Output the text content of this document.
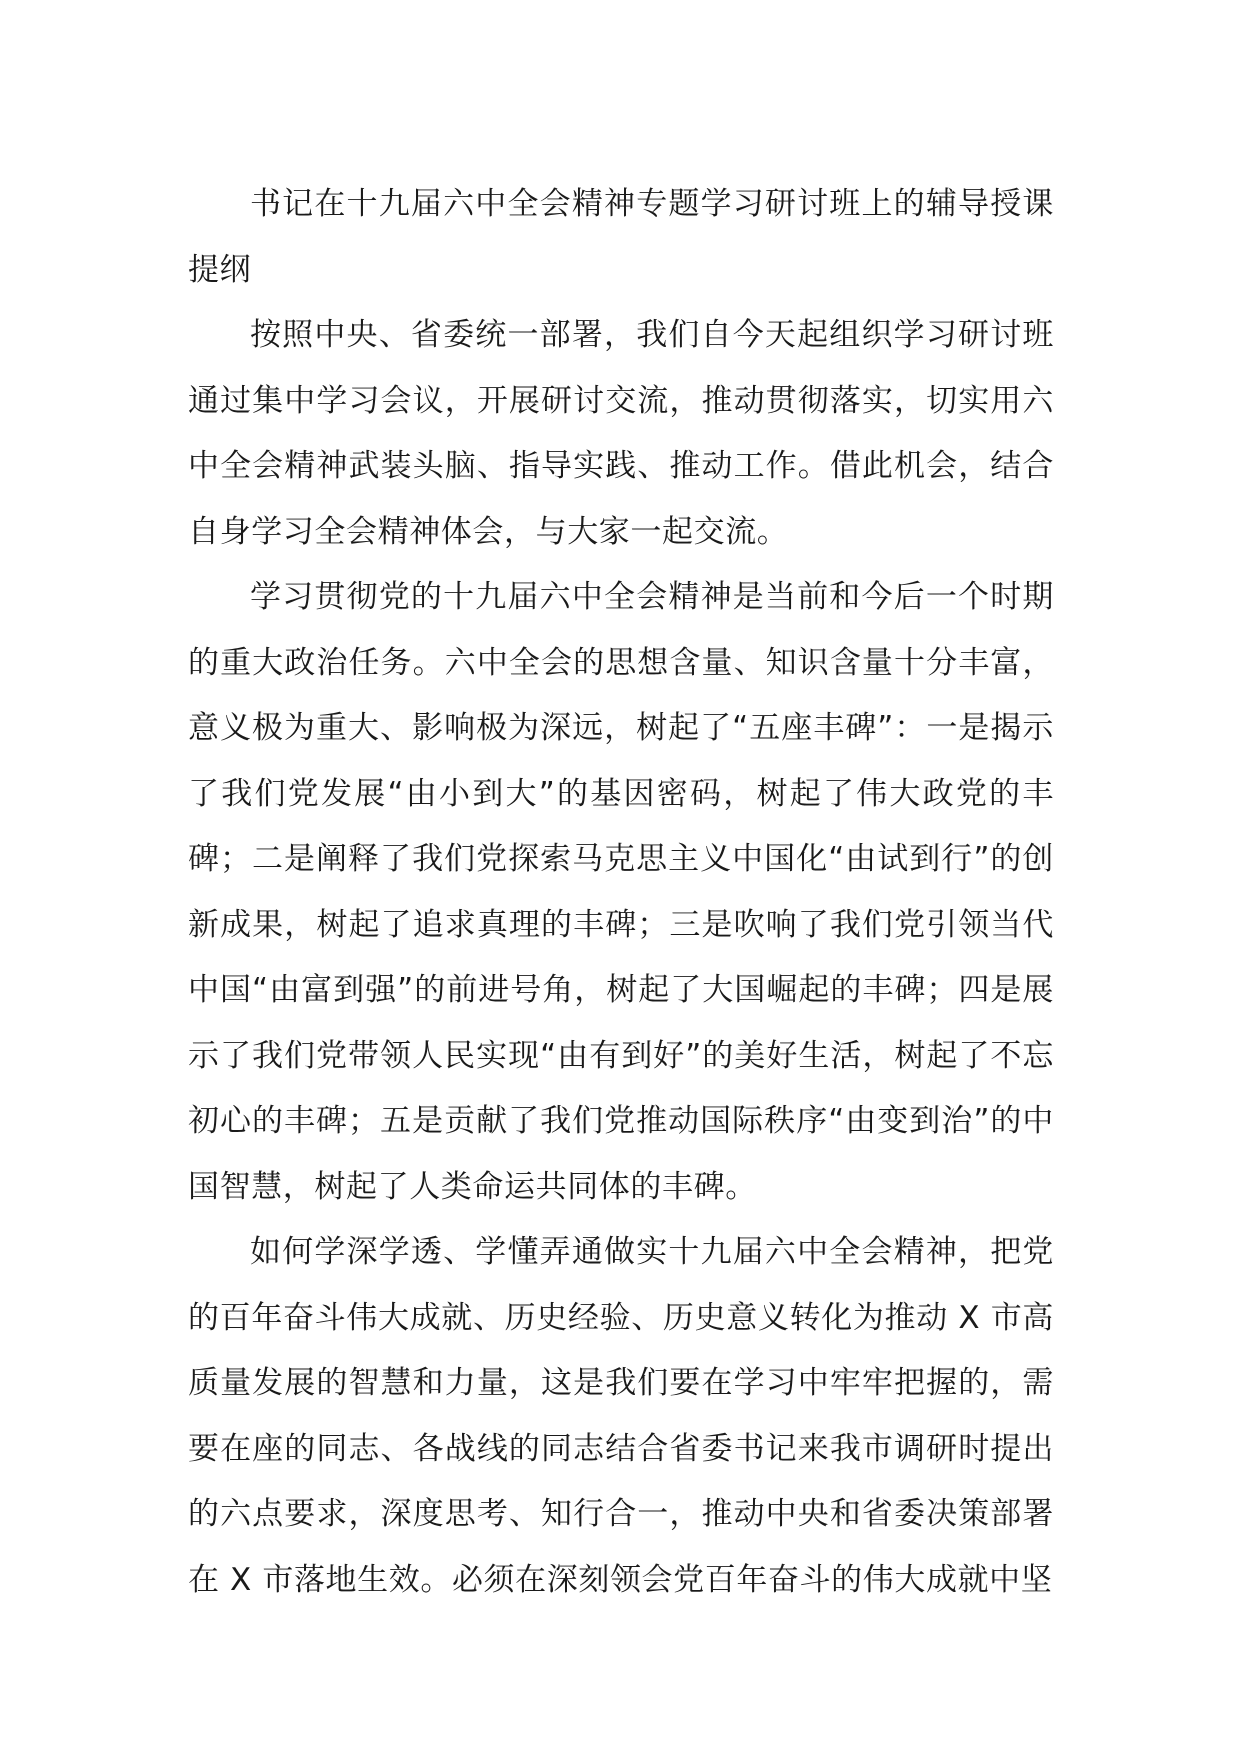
书记在十九届六中全会精神专题学习研讨班上的辅导授课提纲

按照中央、省委统一部署，我们自今天起组织学习研讨班通过集中学习会议，开展研讨交流，推动贯彻落实，切实用六中全会精神武装头脑、指导实践、推动工作。借此机会，结合自身学习全会精神体会，与大家一起交流。

学习贯彻党的十九届六中全会精神是当前和今后一个时期的重大政治任务。六中全会的思想含量、知识含量十分丰富，意义极为重大、影响极为深远，树起了“五座丰碑”：一是揭示了我们党发展“由小到大”的基因密码，树起了伟大政党的丰碑；二是阐释了我们党探索马克思主义中国化“由试到行”的创新成果，树起了追求真理的丰碑；三是吹响了我们党引领当代中国“由富到强”的前进号角，树起了大国崛起的丰碑；四是展示了我们党带领人民实现“由有到好”的美好生活，树起了不忘初心的丰碑；五是贡献了我们党推动国际秩序“由变到治”的中国智慧，树起了人类命运共同体的丰碑。

如何学深学透、学懂弄通做实十九届六中全会精神，把党的百年奋斗伟大成就、历史经验、历史意义转化为推动 X 市高质量发展的智慧和力量，这是我们要在学习中牢牢把握的，需要在座的同志、各战线的同志结合省委书记来我市调研时提出的六点要求，深度思考、知行合一，推动中央和省委决策部署在 X 市落地生效。必须在深刻领会党百年奋斗的伟大成就中坚
